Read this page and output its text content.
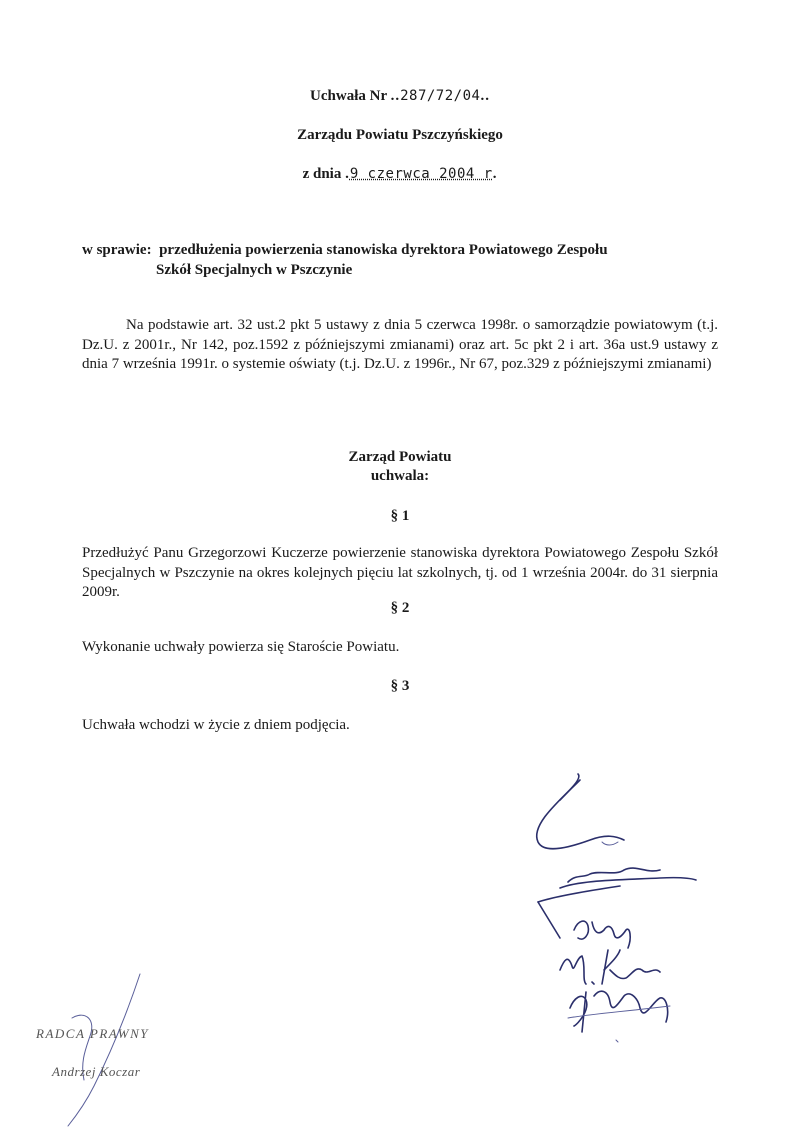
Uchwała Nr ..287/72/04..
Zarządu Powiatu Pszczyńskiego
z dnia .9 czerwca 2004 r.
w sprawie: przedłużenia powierzenia stanowiska dyrektora Powiatowego Zespołu
Szkół Specjalnych w Pszczynie
Na podstawie art. 32 ust.2 pkt 5 ustawy z dnia 5 czerwca 1998r. o samorządzie powiatowym (t.j. Dz.U. z 2001r., Nr 142, poz.1592 z późniejszymi zmianami) oraz art. 5c pkt 2 i art. 36a ust.9 ustawy z dnia 7 września 1991r. o systemie oświaty (t.j. Dz.U. z 1996r., Nr 67, poz.329 z późniejszymi zmianami)
Zarząd Powiatu
uchwala:
§ 1
Przedłużyć Panu Grzegorzowi Kuczerze powierzenie stanowiska dyrektora Powiatowego Zespołu Szkół Specjalnych w Pszczynie na okres kolejnych pięciu lat szkolnych, tj. od 1 września 2004r. do 31 sierpnia 2009r.
§ 2
Wykonanie uchwały powierza się Staroście Powiatu.
§ 3
Uchwała wchodzi w życie z dniem podjęcia.
RADCA PRAWNY
Andrzej Koczar
